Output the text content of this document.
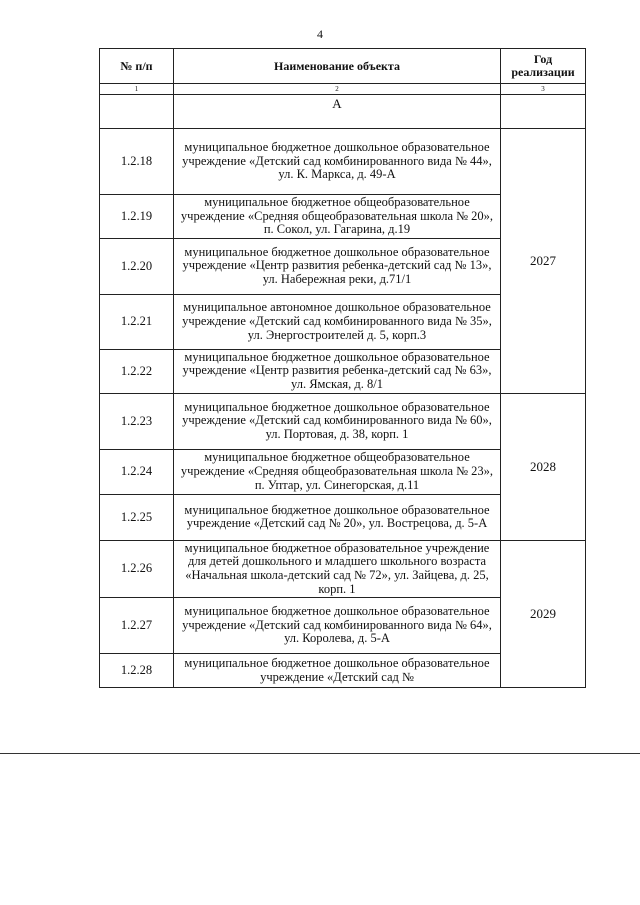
4
№ п/п	Наименование объекта	Год реализации
1	2	3
	А	
1.2.18	муниципальное бюджетное дошкольное образовательное учреждение «Детский сад комбинированного вида № 44», ул. К. Маркса, д. 49-А	2027
1.2.19	муниципальное бюджетное общеобразовательное учреждение «Средняя общеобразовательная школа № 20», п. Сокол, ул. Гагарина, д.19	
1.2.20	муниципальное бюджетное дошкольное образовательное учреждение «Центр развития ребенка-детский сад № 13», ул. Набережная реки, д.71/1	
1.2.21	муниципальное автономное дошкольное образовательное учреждение «Детский сад комбинированного вида № 35», ул. Энергостроителей д. 5, корп.3	
1.2.22	муниципальное бюджетное дошкольное образовательное учреждение «Центр развития ребенка-детский сад № 63», ул. Ямская, д. 8/1	
1.2.23	муниципальное бюджетное дошкольное образовательное учреждение «Детский сад комбинированного вида № 60», ул. Портовая, д. 38, корп. 1	2028
1.2.24	муниципальное бюджетное общеобразовательное учреждение «Средняя общеобразовательная школа № 23», п. Уптар, ул. Синегорская, д.11	
1.2.25	муниципальное бюджетное дошкольное образовательное учреждение «Детский сад № 20», ул. Вострецова, д. 5-А	
1.2.26	муниципальное бюджетное образовательное учреждение для детей дошкольного и младшего школьного возраста «Начальная школа-детский сад № 72», ул. Зайцева, д. 25, корп. 1	2029
1.2.27	муниципальное бюджетное дошкольное образовательное учреждение «Детский сад комбинированного вида № 64», ул. Королева, д. 5-А	
1.2.28	муниципальное бюджетное дошкольное образовательное учреждение «Детский сад №	
